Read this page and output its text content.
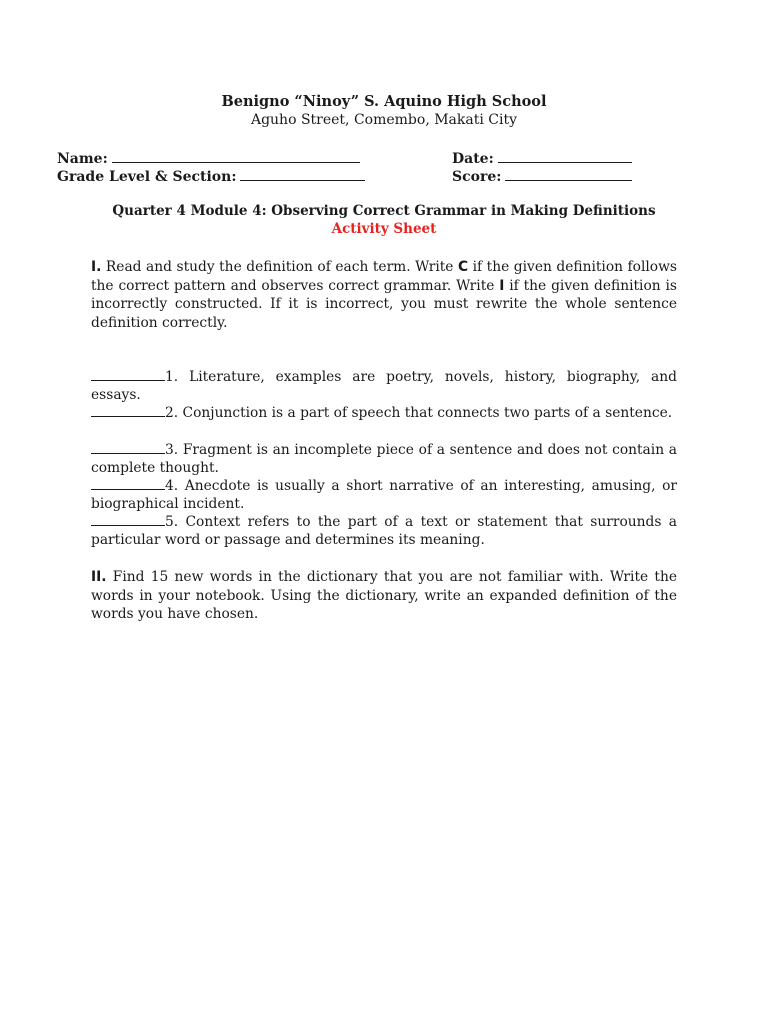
Benigno “Ninoy” S. Aquino High School
Aguho Street, Comembo, Makati City
Name:	Date:
Grade Level & Section:	Score:
Quarter 4 Module 4: Observing Correct Grammar in Making Definitions
Activity Sheet
I. Read and study the definition of each term. Write C if the given definition follows the correct pattern and observes correct grammar. Write I if the given definition is incorrectly constructed. If it is incorrect, you must rewrite the whole sentence definition correctly.
1. Literature, examples are poetry, novels, history, biography, and essays.
2. Conjunction is a part of speech that connects two parts of a sentence.
3. Fragment is an incomplete piece of a sentence and does not contain a complete thought.
4. Anecdote is usually a short narrative of an interesting, amusing, or biographical incident.
5. Context refers to the part of a text or statement that surrounds a particular word or passage and determines its meaning.
II. Find 15 new words in the dictionary that you are not familiar with. Write the words in your notebook. Using the dictionary, write an expanded definition of the words you have chosen.
